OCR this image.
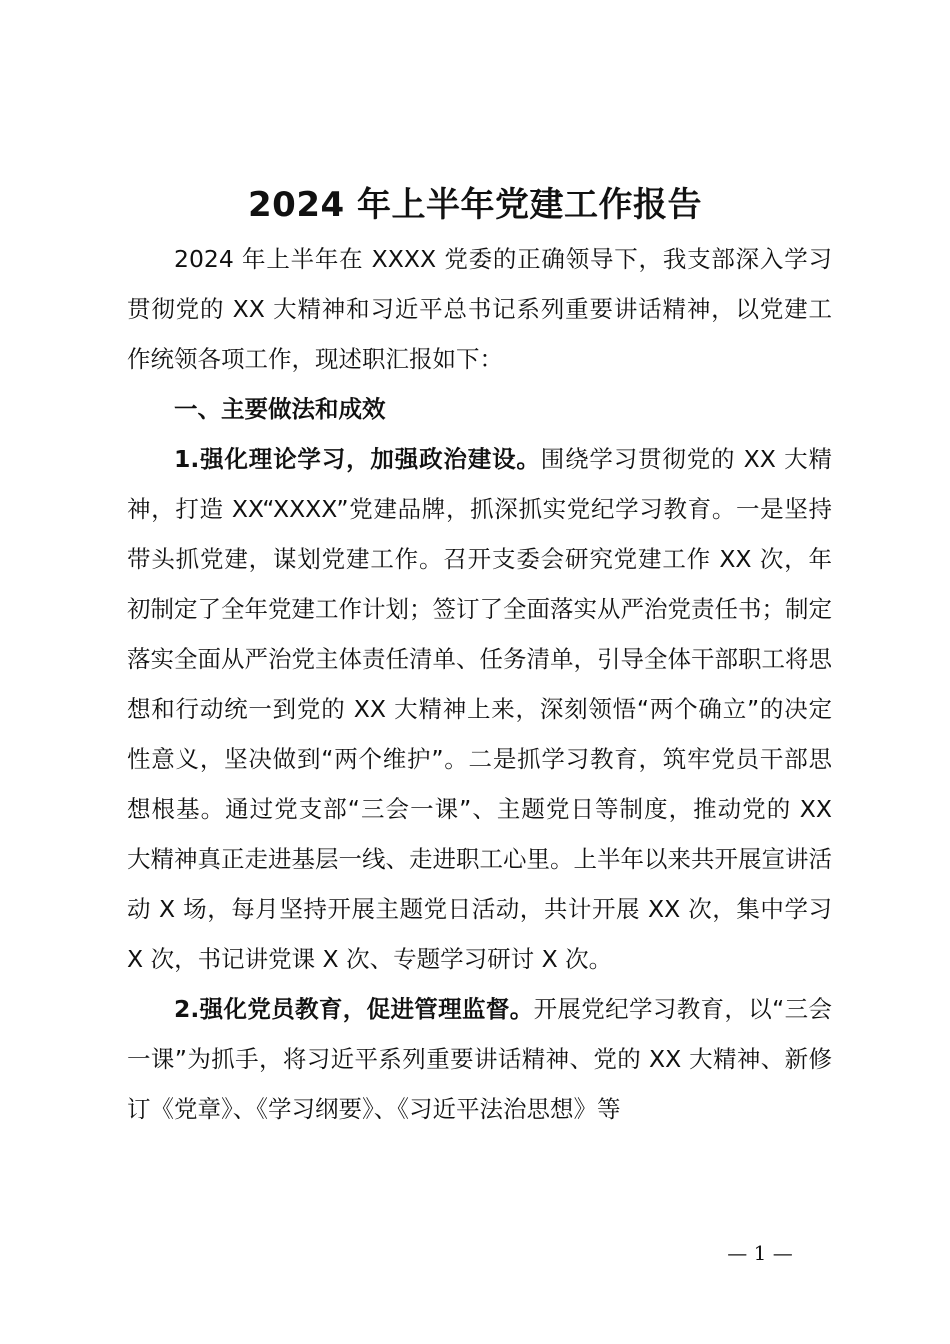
2024 年上半年党建工作报告

2024 年上半年在 XXXX 党委的正确领导下，我支部深入学习贯彻党的 XX 大精神和习近平总书记系列重要讲话精神，以党建工作统领各项工作，现述职汇报如下：

一、主要做法和成效

1.强化理论学习，加强政治建设。围绕学习贯彻党的 XX 大精神，打造 XX“XXXX”党建品牌，抓深抓实党纪学习教育。一是坚持带头抓党建，谋划党建工作。召开支委会研究党建工作 XX 次，年初制定了全年党建工作计划；签订了全面落实从严治党责任书；制定落实全面从严治党主体责任清单、任务清单，引导全体干部职工将思想和行动统一到党的 XX 大精神上来，深刻领悟“两个确立”的决定性意义，坚决做到“两个维护”。二是抓学习教育，筑牢党员干部思想根基。通过党支部“三会一课”、主题党日等制度，推动党的 XX 大精神真正走进基层一线、走进职工心里。上半年以来共开展宣讲活动 X 场，每月坚持开展主题党日活动，共计开展 XX 次，集中学习 X 次，书记讲党课 X 次、专题学习研讨 X 次。

2.强化党员教育，促进管理监督。开展党纪学习教育，以“三会一课”为抓手，将习近平系列重要讲话精神、党的 XX 大精神、新修订《党章》、《学习纲要》、《习近平法治思想》等

— 1 —
